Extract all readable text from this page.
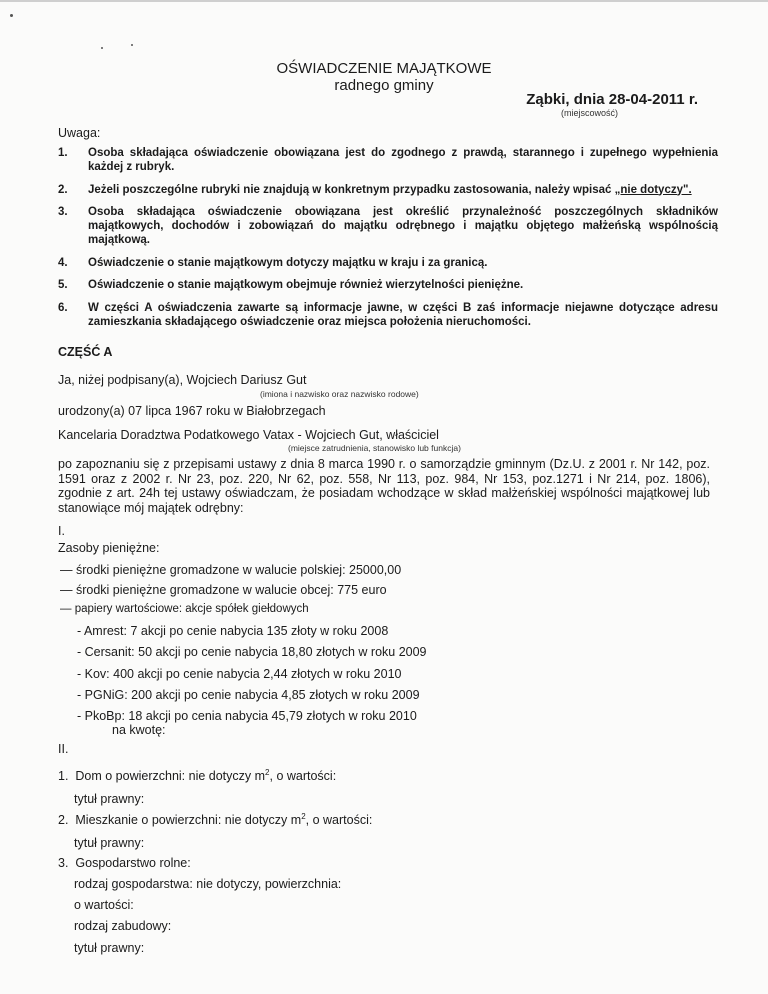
OŚWIADCZENIE MAJĄTKOWE
radnego gminy
Ząbki, dnia 28-04-2011 r.
(miejscowość)
Uwaga:
1. Osoba składająca oświadczenie obowiązana jest do zgodnego z prawdą, starannego i zupełnego wypełnienia każdej z rubryk.
2. Jeżeli poszczególne rubryki nie znajdują w konkretnym przypadku zastosowania, należy wpisać „nie dotyczy".
3. Osoba składająca oświadczenie obowiązana jest określić przynależność poszczególnych składników majątkowych, dochodów i zobowiązań do majątku odrębnego i majątku objętego małżeńską wspólnością majątkową.
4. Oświadczenie o stanie majątkowym dotyczy majątku w kraju i za granicą.
5. Oświadczenie o stanie majątkowym obejmuje również wierzytelności pieniężne.
6. W części A oświadczenia zawarte są informacje jawne, w części B zaś informacje niejawne dotyczące adresu zamieszkania składającego oświadczenie oraz miejsca położenia nieruchomości.
CZĘŚĆ A
Ja, niżej podpisany(a), Wojciech Dariusz Gut
(imiona i nazwisko oraz nazwisko rodowe)
urodzony(a) 07 lipca 1967 roku w Białobrzegach
Kancelaria Doradztwa Podatkowego Vatax - Wojciech Gut, właściciel
(miejsce zatrudnienia, stanowisko lub funkcja)
po zapoznaniu się z przepisami ustawy z dnia 8 marca 1990 r. o samorządzie gminnym (Dz.U. z 2001 r. Nr 142, poz. 1591 oraz z 2002 r. Nr 23, poz. 220, Nr 62, poz. 558, Nr 113, poz. 984, Nr 153, poz.1271 i Nr 214, poz. 1806), zgodnie z art. 24h tej ustawy oświadczam, że posiadam wchodzące w skład małżeńskiej wspólności majątkowej lub stanowiące mój majątek odrębny:
I.
Zasoby pieniężne:
— środki pieniężne gromadzone w walucie polskiej: 25000,00
— środki pieniężne gromadzone w walucie obcej: 775 euro
— papiery wartościowe: akcje spółek giełdowych
- Amrest: 7 akcji po cenie nabycia 135 złoty w roku 2008
- Cersanit: 50 akcji po cenie nabycia 18,80 złotych w roku 2009
- Kov: 400 akcji po cenie nabycia 2,44 złotych w roku 2010
- PGNiG: 200 akcji po cenie nabycia 4,85 złotych w roku 2009
- PkoBp: 18 akcji po cenia nabycia 45,79 złotych w roku 2010
na kwotę:
II.
1. Dom o powierzchni: nie dotyczy $m^2$, o wartości:
tytuł prawny:
2. Mieszkanie o powierzchni: nie dotyczy $m^2$, o wartości:
tytuł prawny:
3. Gospodarstwo rolne:
rodzaj gospodarstwa: nie dotyczy, powierzchnia:
o wartości:
rodzaj zabudowy:
tytuł prawny:
